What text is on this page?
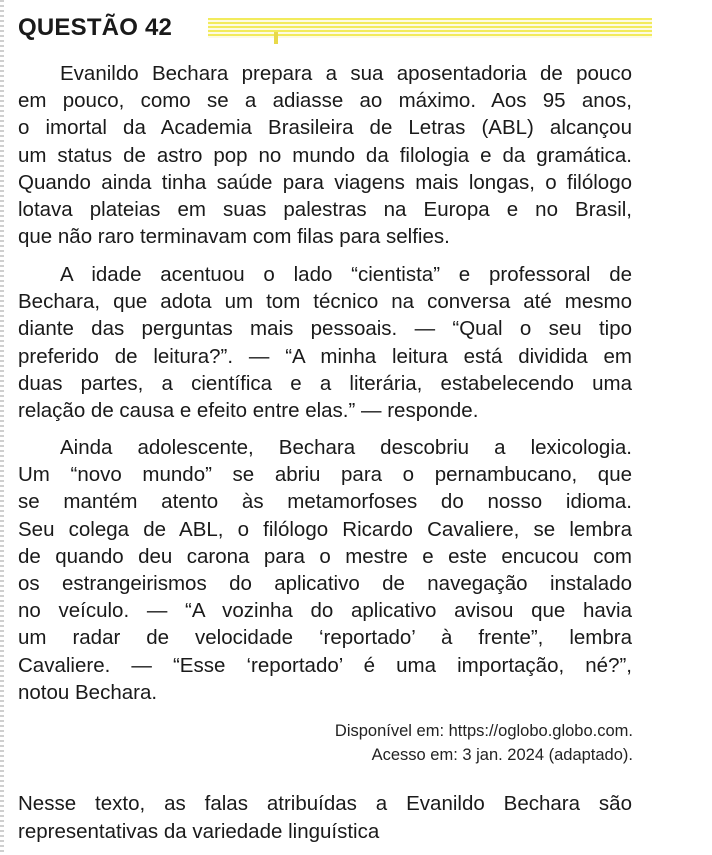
QUESTÃO 42

Evanildo Bechara prepara a sua aposentadoria de pouco
em pouco, como se a adiasse ao máximo. Aos 95 anos,
o imortal da Academia Brasileira de Letras (ABL) alcançou
um status de astro pop no mundo da filologia e da gramática.
Quando ainda tinha saúde para viagens mais longas, o filólogo
lotava plateias em suas palestras na Europa e no Brasil,
que não raro terminavam com filas para selfies.

A idade acentuou o lado “cientista” e professoral de
Bechara, que adota um tom técnico na conversa até mesmo
diante das perguntas mais pessoais. — “Qual o seu tipo
preferido de leitura?”. — “A minha leitura está dividida em
duas partes, a científica e a literária, estabelecendo uma
relação de causa e efeito entre elas.” — responde.

Ainda adolescente, Bechara descobriu a lexicologia.
Um “novo mundo” se abriu para o pernambucano, que
se mantém atento às metamorfoses do nosso idioma.
Seu colega de ABL, o filólogo Ricardo Cavaliere, se lembra
de quando deu carona para o mestre e este encucou com
os estrangeirismos do aplicativo de navegação instalado
no veículo. — “A vozinha do aplicativo avisou que havia
um radar de velocidade ‘reportado’ à frente”, lembra
Cavaliere. — “Esse ‘reportado’ é uma importação, né?”,
notou Bechara.

Disponível em: https://oglobo.globo.com.
Acesso em: 3 jan. 2024 (adaptado).
Nesse texto, as falas atribuídas a Evanildo Bechara são
representativas da variedade linguística
